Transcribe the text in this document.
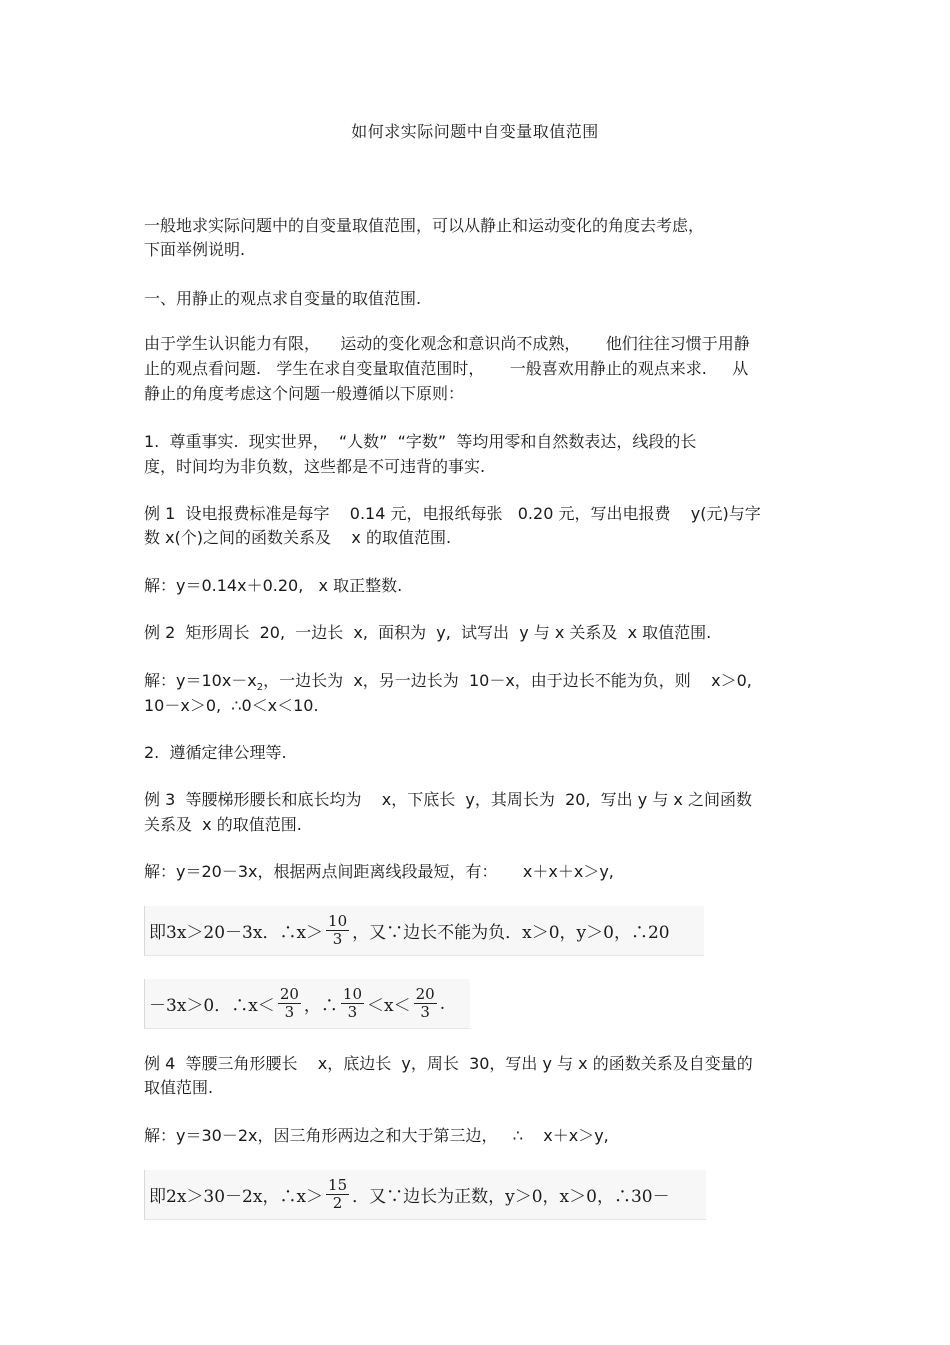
如何求实际问题中自变量取值范围
一般地求实际问题中的自变量取值范围，可以从静止和运动变化的角度去考虑，
下面举例说明.
一、用静止的观点求自变量的取值范围.
由于学生认识能力有限，    运动的变化观念和意识尚不成熟，     他们往往习惯于用静
止的观点看问题.   学生在求自变量取值范围时，     一般喜欢用静止的观点来求.     从
静止的角度考虑这个问题一般遵循以下原则：
1.  尊重事实.  现实世界，  “人数”  “字数”  等均用零和自然数表达，线段的长
度，时间均为非负数，这些都是不可违背的事实.
例 1  设电报费标准是每字    0.14 元，电报纸每张   0.20 元，写出电报费    y(元)与字
数 x(个)之间的函数关系及    x 的取值范围.
解：y＝0.14x＋0.20,   x 取正整数.
例 2  矩形周长  20,  一边长  x,  面积为  y,  试写出  y 与 x 关系及  x 取值范围.
解：$y=10x-x_2$，一边长为  x，另一边长为  10－x，由于边长不能为负，则    x＞0,
10－x＞0,  ∴0＜x＜10.
2.  遵循定律公理等.
例 3  等腰梯形腰长和底长均为    x，下底长  y，其周长为  20,  写出 y 与 x 之间函数
关系及  x 的取值范围.
解：y＝20－3x，根据两点间距离线段最短，有：     x＋x＋x＞y,
即3x＞20－3x．∴x＞ $\frac{10}{3}$ ，又∵边长不能为负．x＞0，y＞0，∴20
－3x＞0．∴x＜ $\frac{20}{3}$ ，∴ $\frac{10}{3} <x< \frac{20}{3}$ .
例 4  等腰三角形腰长    x，底边长  y，周长  30，写出 y 与 x 的函数关系及自变量的
取值范围.
解：y＝30－2x，因三角形两边之和大于第三边，   ∴    x＋x＞y,
即2x＞30－2x，∴x＞ $\frac{15}{2}$ ．又∵边长为正数，y＞0，x＞0，∴30－
